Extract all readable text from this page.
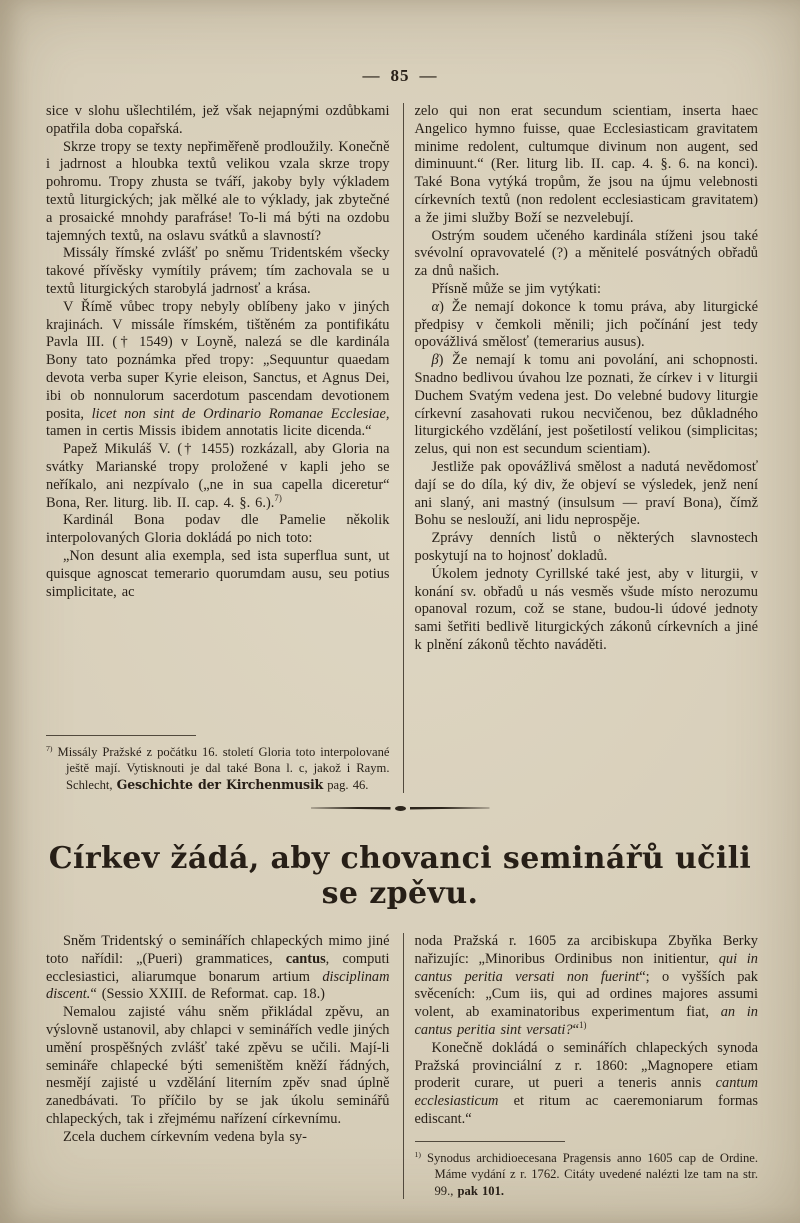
— 85 —

sice v slohu ušlechtilém, jež však nejapnými ozdůbkami opatřila doba copařská.

Skrze tropy se texty nepřiměřeně prodloužily. Konečně i jadrnost a hloubka textů velikou vzala skrze tropy pohromu. Tropy zhusta se tváří, jakoby byly výkladem textů liturgických; jak mělké ale to výklady, jak zbytečné a prosaické mnohdy parafráse! To-li má býti na ozdobu tajemných textů, na oslavu svátků a slavností?

Missály římské zvlášť po sněmu Tridentském všecky takové přívěsky vymítily právem; tím zachovala se u textů liturgických starobylá jadrnosť a krása.

V Římě vůbec tropy nebyly oblíbeny jako v jiných krajinách. V missále římském, tištěném za pontifikátu Pavla III. († 1549) v Loyně, nalezá se dle kardinála Bony tato poznámka před tropy: „Sequuntur quaedam devota verba super Kyrie eleison, Sanctus, et Agnus Dei, ibi ob nonnulorum sacerdotum pascendam devotionem posita, licet non sint de Ordinario Romanae Ecclesiae, tamen in certis Missis ibidem annotatis licite dicenda.“

Papež Mikuláš V. († 1455) rozkázall, aby Gloria na svátky Marianské tropy proložené v kapli jeho se neříkalo, ani nezpívalo („ne in sua capella diceretur“ Bona, Rer. liturg. lib. II. cap. 4. §. 6.).$^{7)}$

Kardinál Bona podav dle Pamelie několik interpolovaných Gloria dokládá po nich toto:

„Non desunt alia exempla, sed ista superflua sunt, ut quisque agnoscat temerario quorumdam ausu, seu potius simplicitate, ac

$^{7)}$ Missály Pražské z počátku 16. století Gloria toto interpolované ještě mají. Vytisknouti je dal také Bona l. c, jakož i Raym. Schlecht, Geschichte der Kirchenmusik pag. 46.

zelo qui non erat secundum scientiam, inserta haec Angelico hymno fuisse, quae Ecclesiasticam gravitatem minime redolent, cultumque divinum non augent, sed diminuunt.“ (Rer. liturg lib. II. cap. 4. §. 6. na konci). Také Bona vytýká tropům, že jsou na újmu velebnosti církevních textů (non redolent ecclesiasticam gravitatem) a že jimi služby Boží se nezvelebují.

Ostrým soudem učeného kardinála stíženi jsou také svévolní opravovatelé (?) a měnitelé posvátných obřadů za dnů našich.

Přísně může se jim vytýkati:

α) Že nemají dokonce k tomu práva, aby liturgické předpisy v čemkoli měnili; jich počínání jest tedy opovážlivá smělosť (temerarius ausus).

β) Že nemají k tomu ani povolání, ani schopnosti. Snadno bedlivou úvahou lze poznati, že církev i v liturgii Duchem Svatým vedena jest. Do velebné budovy liturgie církevní zasahovati rukou necvičenou, bez důkladného liturgického vzdělání, jest pošetilostí velikou (simplicitas; zelus, qui non est secundum scientiam).

Jestliže pak opovážlivá smělost a nadutá nevědomosť dají se do díla, ký div, že objeví se výsledek, jenž není ani slaný, ani mastný (insulsum — praví Bona), čímž Bohu se neslouží, ani lidu neprospěje.

Zprávy denních listů o některých slavnostech poskytují na to hojnosť dokladů.

Úkolem jednoty Cyrillské také jest, aby v liturgii, v konání sv. obřadů u nás vesměs všude místo nerozumu opanoval rozum, což se stane, budou-li údové jednoty sami šetřiti bedlivě liturgických zákonů církevních a jiné k plnění zákonů těchto naváděti.

Církev žádá, aby chovanci seminářů učili se zpěvu.

Sněm Tridentský o seminářích chlapeckých mimo jiné toto nařídil: „(Pueri) grammatices, cantus, computi ecclesiastici, aliarumque bonarum artium disciplinam discent.“ (Sessio XXIII. de Reformat. cap. 18.)

Nemalou zajisté váhu sněm přikládal zpěvu, an výslovně ustanovil, aby chlapci v seminářích vedle jiných umění prospěšných zvlášť také zpěvu se učili. Mají-li semináře chlapecké býti semeništěm kněží řádných, nesmějí zajisté u vzdělání literním zpěv snad úplně zanedbávati. To příčilo by se jak úkolu seminářů chlapeckých, tak i zřejmému nařízení církevnímu.

Zcela duchem církevním vedena byla sy-

noda Pražská r. 1605 za arcibiskupa Zbyňka Berky nařizujíc: „Minoribus Ordinibus non initientur, qui in cantus peritia versati non fuerint“; o vyšších pak svěceních: „Cum iis, qui ad ordines majores assumi volent, ab examinatoribus experimentum fiat, an in cantus peritia sint versati?“$^{1)}$

Konečně dokládá o seminářích chlapeckých synoda Pražská provinciální z r. 1860: „Magnopere etiam proderit curare, ut pueri a teneris annis cantum ecclesiasticum et ritum ac caeremoniarum formas ediscant.“

$^{1)}$ Synodus archidioecesana Pragensis anno 1605 cap de Ordine. Máme vydání z r. 1762. Citáty uvedené nalézti lze tam na str. 99., pak 101.
